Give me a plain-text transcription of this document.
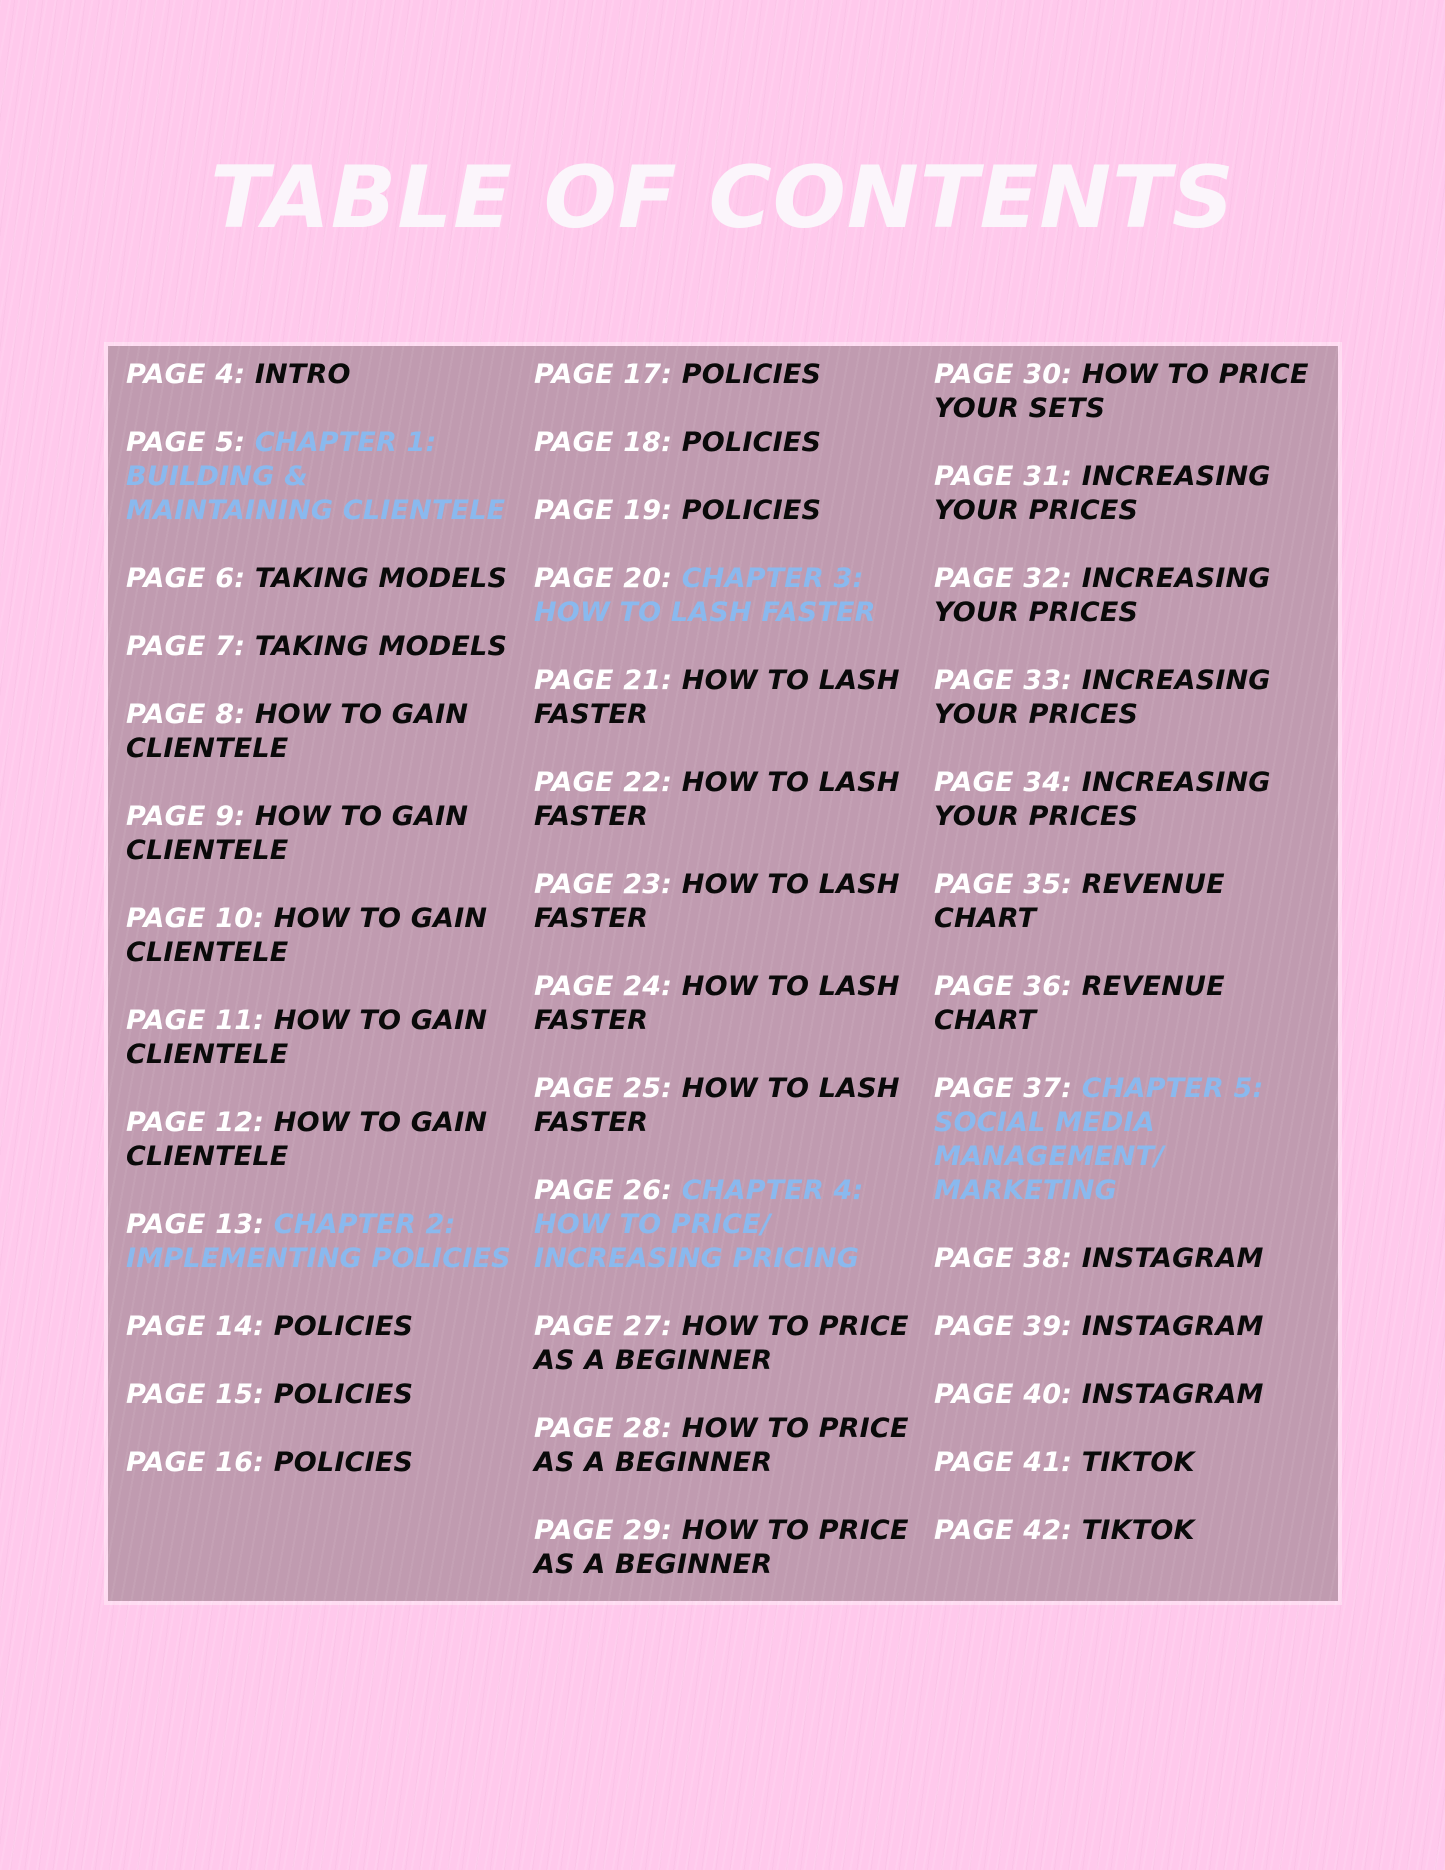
TABLE OF CONTENTS

PAGE 4: INTRO

PAGE 5: CHAPTER 1: BUILDING & MAINTAINING CLIENTELE

PAGE 6: TAKING MODELS

PAGE 7: TAKING MODELS

PAGE 8: HOW TO GAIN CLIENTELE

PAGE 9: HOW TO GAIN CLIENTELE

PAGE 10: HOW TO GAIN CLIENTELE

PAGE 11: HOW TO GAIN CLIENTELE

PAGE 12: HOW TO GAIN CLIENTELE

PAGE 13: CHAPTER 2: IMPLEMENTING POLICIES

PAGE 14: POLICIES

PAGE 15: POLICIES

PAGE 16: POLICIES

PAGE 17: POLICIES

PAGE 18: POLICIES

PAGE 19: POLICIES

PAGE 20: CHAPTER 3: HOW TO LASH FASTER

PAGE 21: HOW TO LASH FASTER

PAGE 22: HOW TO LASH FASTER

PAGE 23: HOW TO LASH FASTER

PAGE 24: HOW TO LASH FASTER

PAGE 25: HOW TO LASH FASTER

PAGE 26: CHAPTER 4: HOW TO PRICE/ INCREASING PRICING

PAGE 27: HOW TO PRICE AS A BEGINNER

PAGE 28: HOW TO PRICE AS A BEGINNER

PAGE 29: HOW TO PRICE AS A BEGINNER

PAGE 30: HOW TO PRICE YOUR SETS

PAGE 31: INCREASING YOUR PRICES

PAGE 32: INCREASING YOUR PRICES

PAGE 33: INCREASING YOUR PRICES

PAGE 34: INCREASING YOUR PRICES

PAGE 35: REVENUE CHART

PAGE 36: REVENUE CHART

PAGE 37: CHAPTER 5: SOCIAL MEDIA MANAGEMENT/ MARKETING

PAGE 38: INSTAGRAM

PAGE 39: INSTAGRAM

PAGE 40: INSTAGRAM

PAGE 41: TIKTOK

PAGE 42: TIKTOK
